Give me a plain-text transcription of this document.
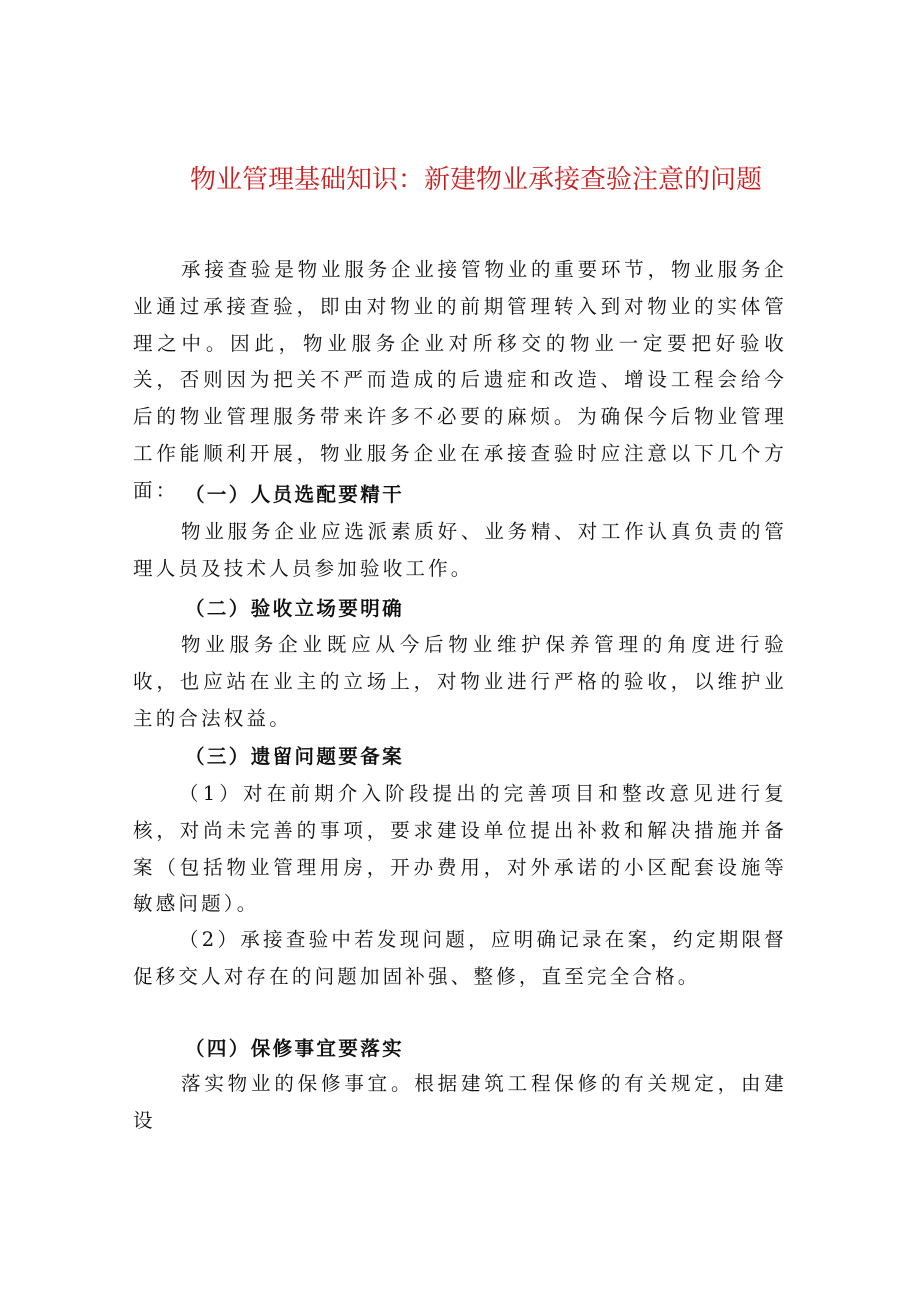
物业管理基础知识：新建物业承接查验注意的问题

承接查验是物业服务企业接管物业的重要环节，物业服务企业通过承接查验，即由对物业的前期管理转入到对物业的实体管理之中。因此，物业服务企业对所移交的物业一定要把好验收关，否则因为把关不严而造成的后遗症和改造、增设工程会给今后的物业管理服务带来许多不必要的麻烦。为确保今后物业管理工作能顺利开展，物业服务企业在承接查验时应注意以下几个方面： （一）人员选配要精干

物业服务企业应选派素质好、业务精、对工作认真负责的管理人员及技术人员参加验收工作。

（二）验收立场要明确

物业服务企业既应从今后物业维护保养管理的角度进行验收，也应站在业主的立场上，对物业进行严格的验收，以维护业主的合法权益。

（三）遗留问题要备案

（1）对在前期介入阶段提出的完善项目和整改意见进行复核，对尚未完善的事项，要求建设单位提出补救和解决措施并备案（包括物业管理用房，开办费用，对外承诺的小区配套设施等敏感问题）。

（2）承接查验中若发现问题，应明确记录在案，约定期限督促移交人对存在的问题加固补强、整修，直至完全合格。

（四）保修事宜要落实

落实物业的保修事宜。根据建筑工程保修的有关规定，由建设
